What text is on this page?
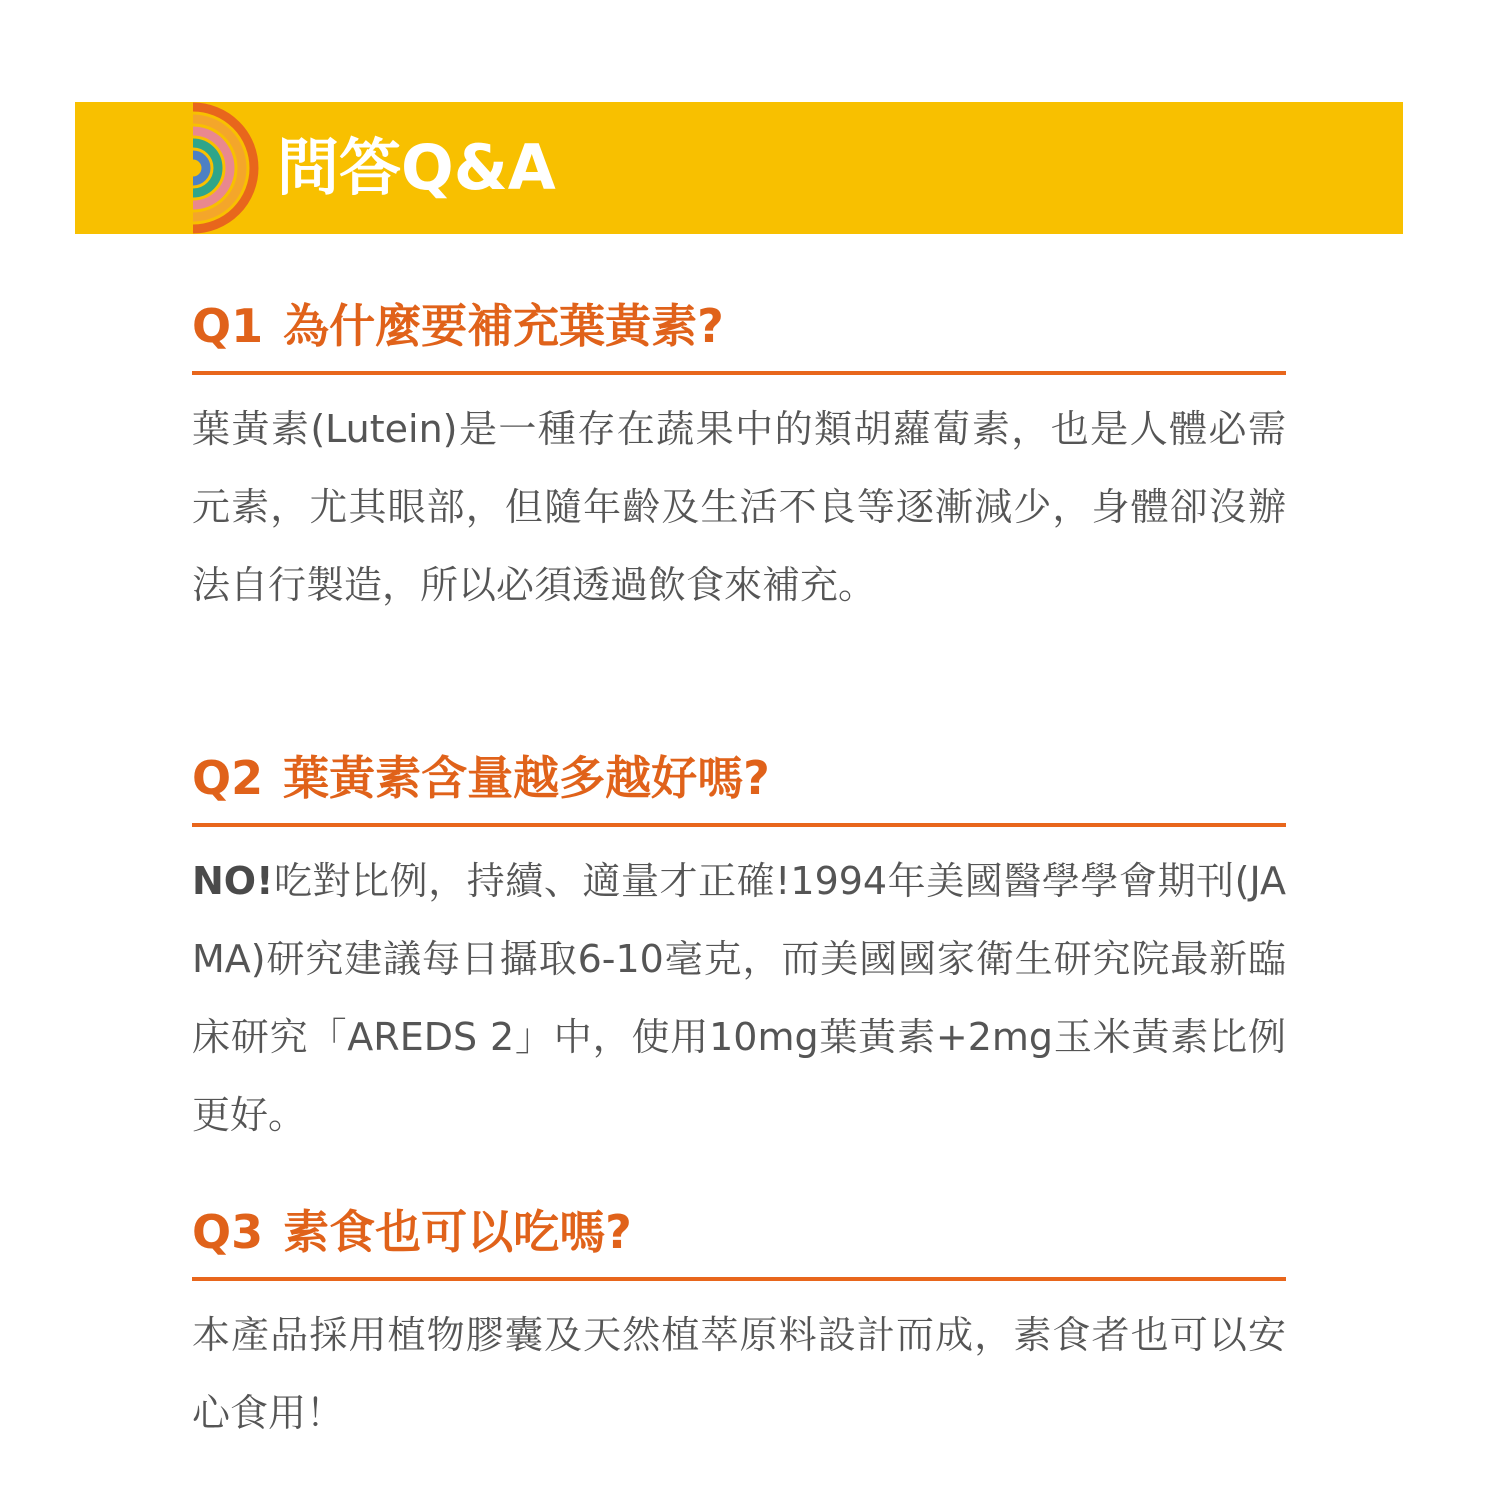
問答Q&A
Q1 為什麼要補充葉黃素?

葉黃素(Lutein)是一種存在蔬果中的類胡蘿蔔素，也是人體必需元素，尤其眼部，但隨年齡及生活不良等逐漸減少，身體卻沒辦法自行製造，所以必須透過飲食來補充。

Q2 葉黃素含量越多越好嗎?

NO!吃對比例，持續、適量才正確!1994年美國醫學學會期刊(JAMA)研究建議每日攝取6-10毫克，而美國國家衛生研究院最新臨床研究「AREDS 2」中，使用10mg葉黃素+2mg玉米黃素比例更好。

Q3 素食也可以吃嗎?

本產品採用植物膠囊及天然植萃原料設計而成，素食者也可以安心食用！
